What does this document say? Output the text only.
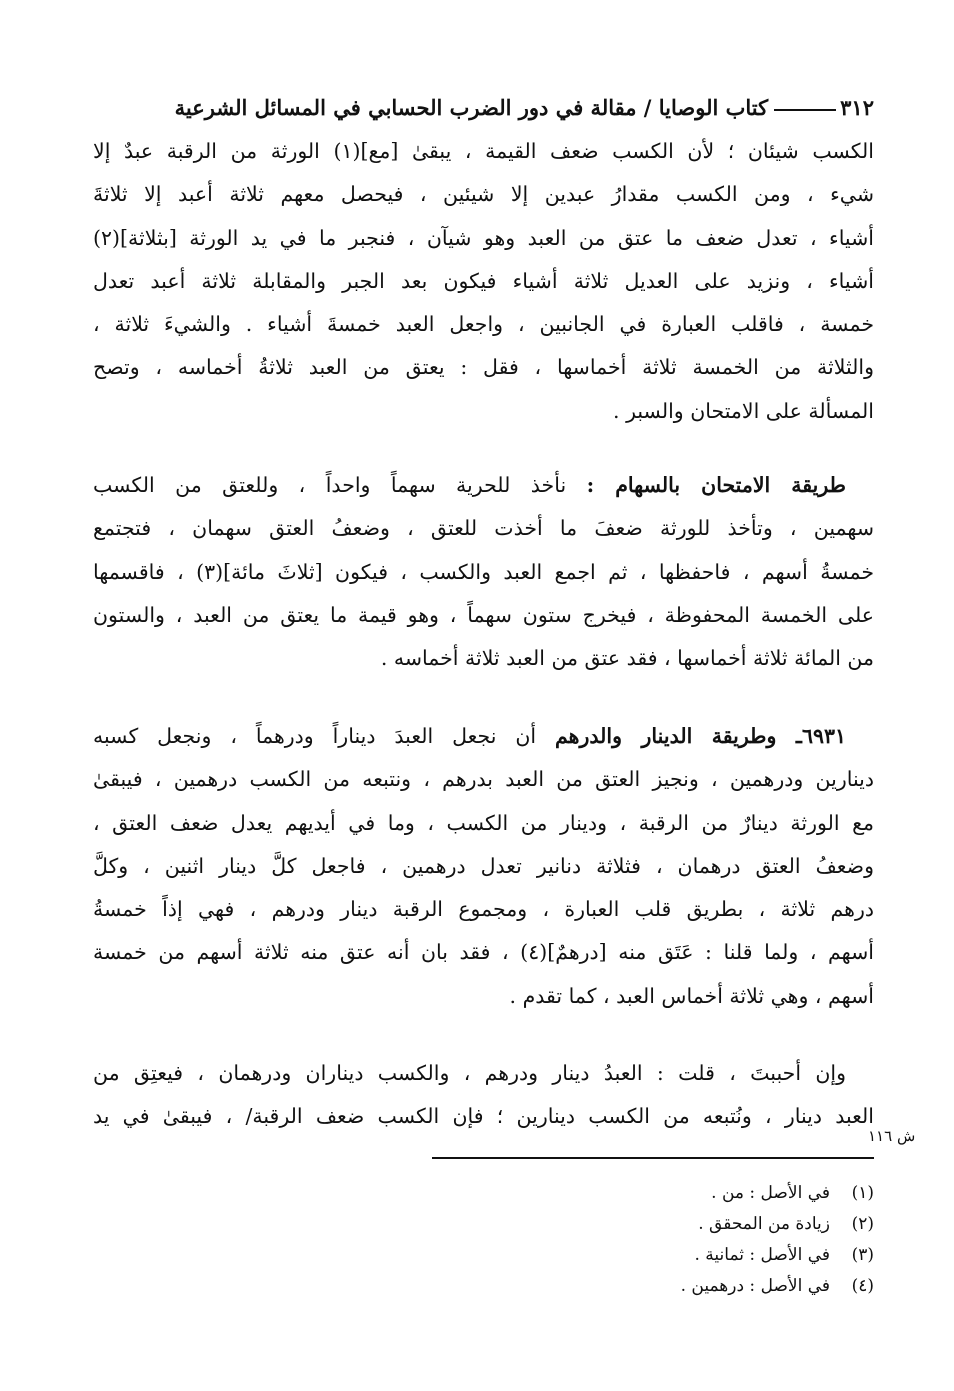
٣١٢
كتاب الوصايا / مقالة في دور الضرب الحسابي في المسائل الشرعية
الكسب شيئان ؛ لأن الكسب ضعف القيمة ، يبقىٰ [مع](١) الورثة من الرقبة عبدٌ إلا
شيء ، ومن الكسب مقدارُ عبدين إلا شيئين ، فيحصل معهم ثلاثة أعبد إلا ثلاثةَ
أشياء ، تعدل ضعف ما عتق من العبد وهو شيآن ، فنجبر ما في يد الورثة [بثلاثة](٢)
أشياء ، ونزيد على العديل ثلاثة أشياء فيكون بعد الجبر والمقابلة ثلاثة أعبد تعدل
خمسة ، فاقلب العبارة في الجانبين ، واجعل العبد خمسةَ أشياء . والشيءَ ثلاثة ،
والثلاثة من الخمسة ثلاثة أخماسها ، فقل : يعتق من العبد ثلاثةُ أخماسه ، وتصح
المسألة على الامتحان والسبر .
طريقة الامتحان بالسهام : نأخذ للحرية سهماً واحداً ، وللعتق من الكسب
سهمين ، وتأخذ للورثة ضعفَ ما أخذت للعتق ، وضعفُ العتق سهمان ، فتجتمع
خمسةُ أسهم ، فاحفظها ، ثم اجمع العبد والكسب ، فيكون [ثلاثَ مائة](٣) ، فاقسمها
على الخمسة المحفوظة ، فيخرج ستون سهماً ، وهو قيمة ما يعتق من العبد ، والستون
من المائة ثلاثة أخماسها ، فقد عتق من العبد ثلاثة أخماسه .
٦٩٣١ـ وطريقة الدينار والدرهم أن نجعل العبدَ ديناراً ودرهماً ، ونجعل كسبه
دينارين ودرهمين ، ونجيز العتق من العبد بدرهم ، ونتبعه من الكسب درهمين ، فيبقىٰ
مع الورثة دينارٌ من الرقبة ، ودينار من الكسب ، وما في أيديهم يعدل ضعف العتق ،
وضعفُ العتق درهمان ، فثلاثة دنانير تعدل درهمين ، فاجعل كلَّ دينار اثنين ، وكلَّ
درهم ثلاثة ، بطريق قلب العبارة ، ومجموع الرقبة دينار ودرهم ، فهي إذاً خمسةُ
أسهم ، ولما قلنا : عَتَق منه [درهمٌ](٤) ، فقد بان أنه عتق منه ثلاثة أسهم من خمسة
أسهم ، وهي ثلاثة أخماس العبد ، كما تقدم .
وإن أحببتَ ، قلت : العبدُ دينار ودرهم ، والكسب ديناران ودرهمان ، فيعتِق من
العبد دينار ، ونُتبعه من الكسب دينارين ؛ فإن الكسب ضعف الرقبة/ ، فيبقىٰ في يد
ش ١١٦
(١)في الأصل : من .
(٢)زيادة من المحقق .
(٣)في الأصل : ثمانية .
(٤)في الأصل : درهمين .
